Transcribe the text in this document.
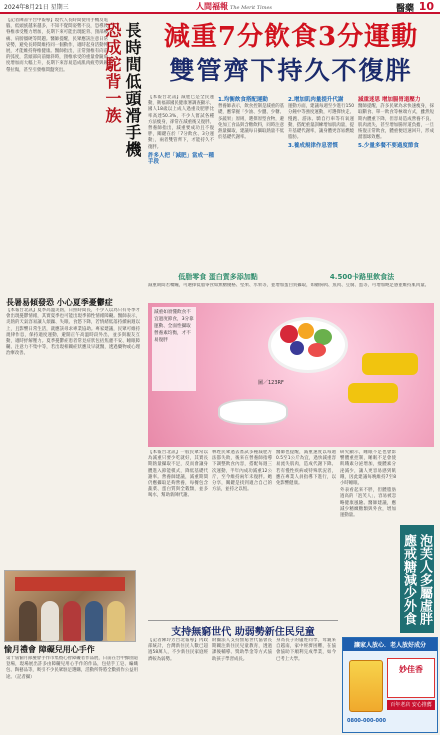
2024年8月21日 星期三	人間福報 The Merit Times	醫藥 10

【記者陳書宇台中報導】現代人長時間使用手機及電腦，低頭族越來越多，不知不覺間姿勢不良，恐導致脊椎承受壓力增加，長期下來可能出現駝背、頸部痠痛、肩膀僵硬等問題。醫師提醒，民眾應該注意日常姿勢，避免長時間維持同一個動作，適時起身活動伸展，才能維持脊椎健康。醫師指出，正常頸椎有向前的弧度，當頭部向前傾斜時，頸椎承受的重量會隨角度增加而大幅上升，長期下來容易造成肌肉疲勞與韌帶拉傷，甚至引發椎間盤突出。	長時間低頭滑手機
恐成駝背一族
長暑易傾發恐 小心夏季憂鬱症

【本報台北訊】夏季高溫炎熱，日照時間長，不少人以為只有冬季才會出現憂鬱情緒，其實夏季也可能出現季節性情緒障礙。醫師表示，炎熱的天氣容易讓人煩躁、失眠、食慾下降，若情緒低落持續兩週以上，且影響日常生活，就應該尋求專業協助。專家建議，民眾可維持規律作息，保持適度運動，避開正午高溫時段外出，並多與親友互動，適時紓解壓力。夏季憂鬱症患者常見症狀包括焦慮不安、睡眠障礙、注意力不集中等，若出現相關症狀應及早就醫，透過藥物或心理治療改善。

愉月禮會 障礙兒用心手作

第十屆愉月節慶會手作市集暨心智障礙者作品展，日前在台中綠園道登場，現場展出許多由障礙兒用心手作的作品，包括手工皂、編織包、陶藝品等，吸引不少民眾駐足選購，活動所得將全數捐作公益用途。（記者攝）

減重7分飲食3分運動
雙管齊下持久不復胖

【本報台北訊】減肥已是全民運動，衛福部國民健康署調查顯示，國人18歲以上成人過重及肥胖比率高達50.3%，不少人嘗試各種方法瘦身，卻常在減重後又復胖。營養師指出，減重要成功且不復胖，關鍵在於「7分飲食、3分運動」，兩者雙管齊下，才能持久不復胖。

許多人把「減肥」當成一種手段

1.均衡飲食搭配運動

營養師表示，飲食控制是減重的基礎，應掌握「少油、少鹽、少糖、多蔬果」原則，選擇原型食物，避免加工食品與含糖飲料，同時注意熱量攝取，建議每日攝取熱量不低於基礎代謝率。

2.增加肌肉量提升代謝

運動方面，建議每週至少進行150分鐘中等強度運動，可選擇快走、慢跑、游泳、騎自行車等有氧運動，搭配重量訓練增加肌肉量，提升基礎代謝率，讓身體更容易燃燒脂肪。

3.養成規律作息習慣

減重迷思 增加腸胃道壓力

醫師提醒，許多民眾為求快速瘦身，採取斷食、單一飲食等極端方式，雖然短期內體重下降，但容易造成營養不良、肌肉流失，甚至增加腸胃道負擔，一旦恢復正常飲食，體重便迅速回升，形成溜溜球效應。

5.少量多餐不要過度節食

低脂零食 蛋白質多添加點	4.500卡路里飲食法

減重期間若嘴饞，可選擇低脂零食如無糖優格、堅果、水果等，並增加蛋白質攝取，如雞胸肉、魚肉、豆腐、蛋等，可增加飽足感並維持肌肉量。

減重如須懂飲食不宜過度節食，3分靠運動、全面性攝取營養素均衡，才不易復胖
圖／123RF

【本報台北訊】一般民眾常以為減重只要少吃就好，其實長期熱量攝取不足，反而會讓身體進入節能模式，降低基礎代謝率。營養師建議，減重期間仍應攝取足夠營養，每餐包含蔬菜、蛋白質與全穀類，並多喝水，幫助新陳代謝。

林姓民眾過去嘗試多種減肥方法都失敗，後來在營養師指導下調整飲食內容，搭配每週三次運動，半年內成功減重12公斤，至今維持兩年未復胖。她分享，關鍵是找到適合自己的方法，並持之以恆。

醫師也提醒，減重速度以每週0.5至1公斤為宜，過快減重容易流失肌肉，造成代謝下降。若有慢性疾病或特殊狀況者，應在專業人員指導下進行，以免影響健康。

研究顯示，睡眠不足也會影響體重控制，睡眠不足會使飢餓素分泌增加，瘦體素分泌減少，讓人更容易感到飢餓，因此建議每晚維持7至8小時睡眠。

外表看起來不胖，但體脂肪過高的「泡芙人」，容易被忽略健康風險。醫師建議，應減少精緻糖類與外食，增加運動量。

泡芙人多屬虛胖 應戒糖減少外食
支持無窮世代 助弱勢新住民兒童

【記者陳玲芳台北報導】內政部統計，台灣新住民人數已超過58萬人，不少新住民家庭經濟較為弱勢。

財團法人支持無窮世代協會長期關注新住民兒童教育，透過課後輔導、獎助學金等方式協助孩子學習成長。

身為長子的盧姓同學，母親來自越南，家中經濟困難，在協會協助下順利完成學業，如今已考上大學。

讓家人放心．老人放好成分
妙佳香
百年老店 安心推薦
0800-000-000
